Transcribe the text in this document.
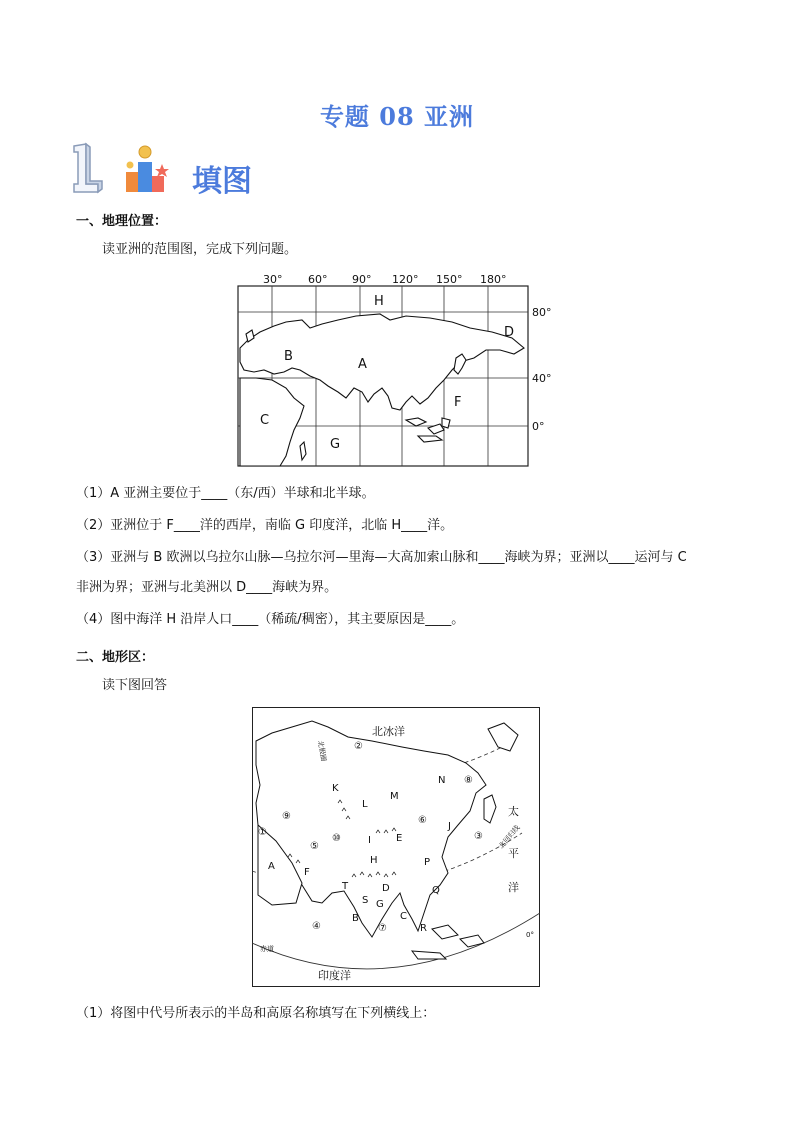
专题 08 亚洲
填图
一、地理位置：
读亚洲的范围图，完成下列问题。
30° 60° 90° 120° 150° 180°
80°
40°
0°
H
D
B
A
C
F
G
（1）A 亚洲主要位于____（东/西）半球和北半球。
（2）亚洲位于 F____洋的西岸，南临 G 印度洋，北临 H____洋。
（3）亚洲与 B 欧洲以乌拉尔山脉—乌拉尔河—里海—大高加索山脉和____海峡为界；亚洲以____运河与 C
非洲为界；亚洲与北美洲以 D____海峡为界。
（4）图中海洋 H 沿岸人口____（稀疏/稠密），其主要原因是____。
二、地形区：
读下图回答
北冰洋
太
平
洋
印度洋
北极圈
北回归线
赤道
0°
K
L
M
N
E
I
J
A
F
H	P
T	D
S G
Q
B	C
R
②
⑧
⑥
③
⑨
①
⑤
⑩
⑦
④
（1）将图中代号所表示的半岛和高原名称填写在下列横线上：
